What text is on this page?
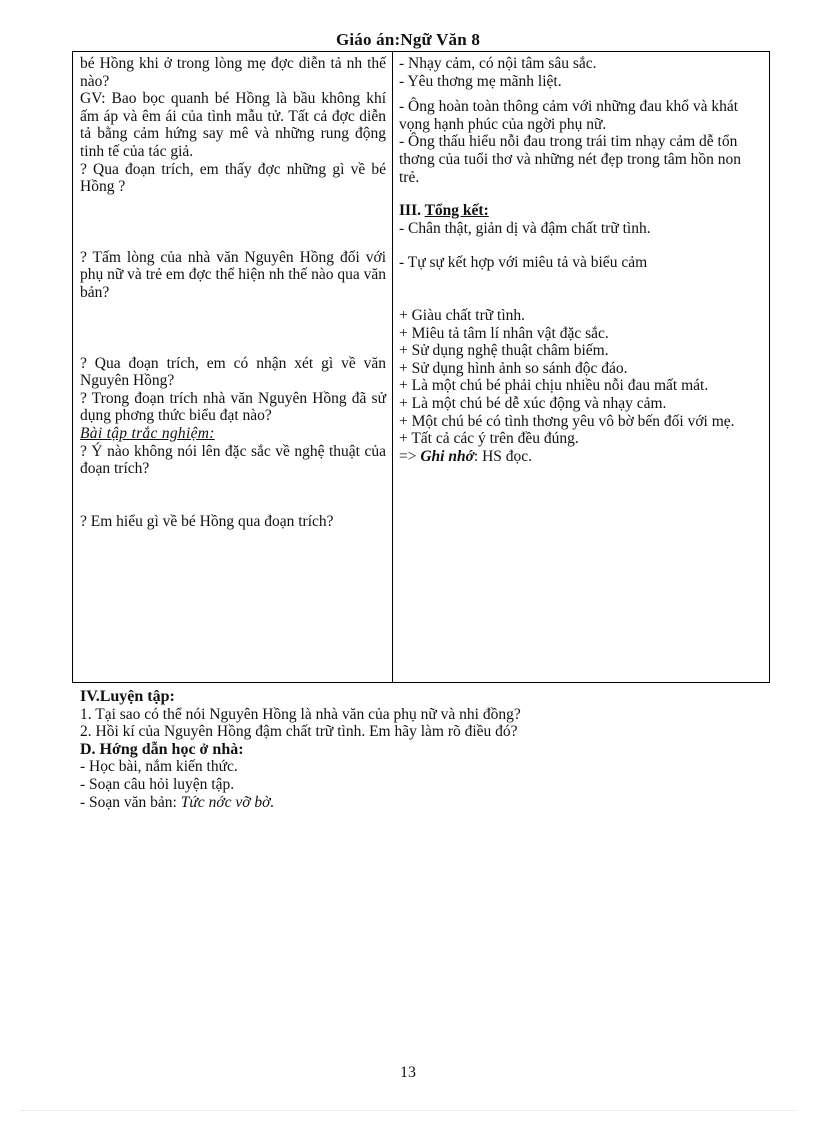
Giáo án:Ngữ Văn 8

bé Hồng khi ở trong lòng mẹ đợc diễn tả nh thế nào?

GV: Bao bọc quanh bé Hồng là bầu không khí ấm áp và êm ái của tình mẫu tử. Tất cả đợc diễn tả bằng cảm hứng say mê và những rung động tinh tế của tác giả.

? Qua đoạn trích, em thấy đợc những gì về bé Hồng ?

? Tấm lòng của nhà văn Nguyên Hồng đối với phụ nữ và trẻ em đợc thể hiện nh thế nào qua văn bản?

? Qua đoạn trích, em có nhận xét gì về văn Nguyên Hồng?

? Trong đoạn trích nhà văn Nguyên Hồng đã sử dụng phơng thức biểu đạt nào?

Bài tập trắc nghiệm:

? Ý nào không nói lên đặc sắc về nghệ thuật của đoạn trích?

? Em hiểu gì về bé Hồng qua đoạn trích?

- Nhạy cảm, có nội tâm sâu sắc.

- Yêu thơng mẹ mãnh liệt.

- Ông hoàn toàn thông cảm với những đau khổ và khát vọng hạnh phúc của ngời phụ nữ.

- Ông thấu hiểu nỗi đau trong trái tim nhạy cảm dễ tổn thơng của tuổi thơ và những nét đẹp trong tâm hồn non trẻ.

III. Tổng kết:

- Chân thật, giản dị và đậm chất trữ tình.

- Tự sự kết hợp với miêu tả và biểu cảm

+ Giàu chất trữ tình.

+ Miêu tả tâm lí nhân vật đặc sắc.

+ Sử dụng nghệ thuật châm biếm.

+ Sử dụng hình ảnh so sánh độc đáo.

+ Là một chú bé phải chịu nhiều nỗi đau mất mát.

+ Là một chú bé dễ xúc động và nhạy cảm.

+ Một chú bé có tình thơng yêu vô bờ bến đối với mẹ.

+ Tất cả các ý trên đều đúng.

=> Ghi nhớ: HS đọc.

IV.Luyện tập:

1. Tại sao có thể nói Nguyên Hồng là nhà văn của phụ nữ và nhi đồng?

2. Hồi kí của Nguyên Hồng đậm chất trữ tình. Em hãy làm rõ điều đó?

D. Hớng dẫn học ở nhà:

- Học bài, nắm kiến thức.

- Soạn câu hỏi luyện tập.

- Soạn văn bản: Tức nớc vỡ bờ.

13
